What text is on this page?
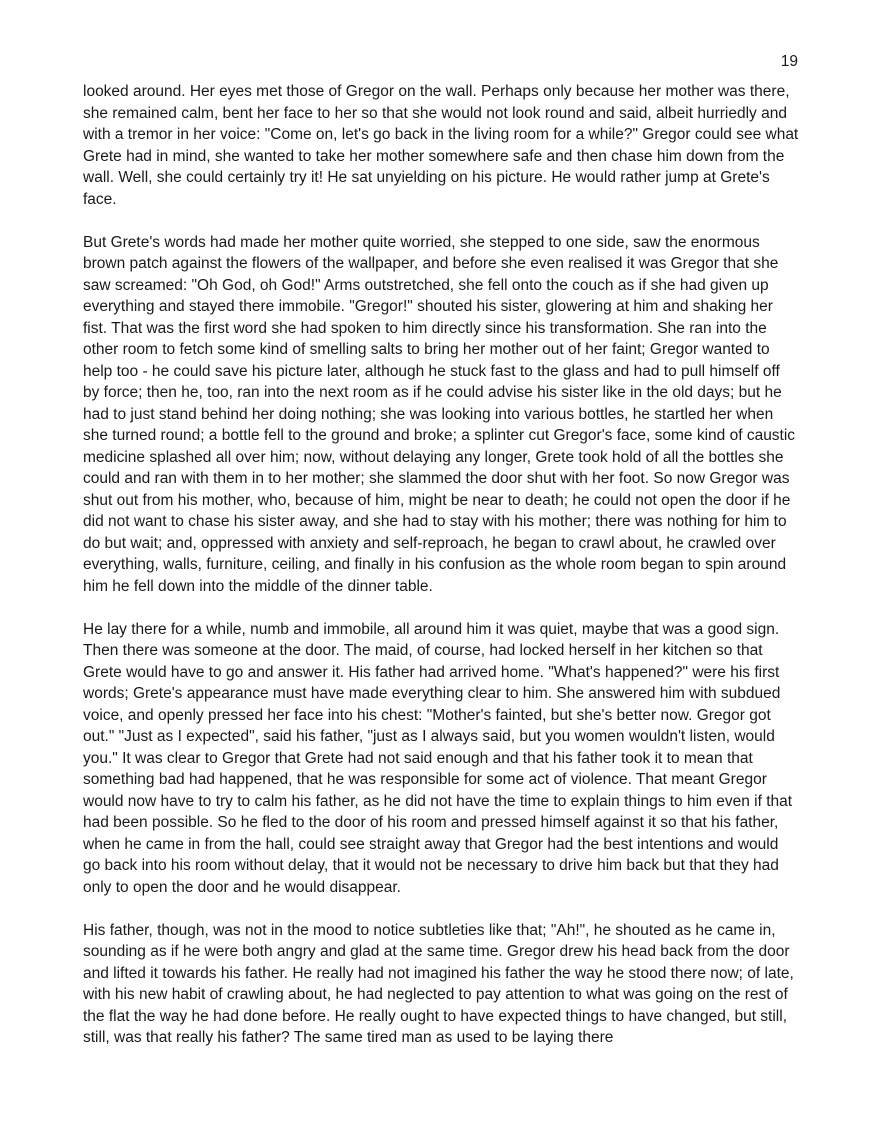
19

looked around. Her eyes met those of Gregor on the wall. Perhaps only because her mother was there, she remained calm, bent her face to her so that she would not look round and said, albeit hurriedly and with a tremor in her voice: "Come on, let's go back in the living room for a while?" Gregor could see what Grete had in mind, she wanted to take her mother somewhere safe and then chase him down from the wall. Well, she could certainly try it! He sat unyielding on his picture. He would rather jump at Grete's face.

But Grete's words had made her mother quite worried, she stepped to one side, saw the enormous brown patch against the flowers of the wallpaper, and before she even realised it was Gregor that she saw screamed: "Oh God, oh God!" Arms outstretched, she fell onto the couch as if she had given up everything and stayed there immobile. "Gregor!" shouted his sister, glowering at him and shaking her fist. That was the first word she had spoken to him directly since his transformation. She ran into the other room to fetch some kind of smelling salts to bring her mother out of her faint; Gregor wanted to help too - he could save his picture later, although he stuck fast to the glass and had to pull himself off by force; then he, too, ran into the next room as if he could advise his sister like in the old days; but he had to just stand behind her doing nothing; she was looking into various bottles, he startled her when she turned round; a bottle fell to the ground and broke; a splinter cut Gregor's face, some kind of caustic medicine splashed all over him; now, without delaying any longer, Grete took hold of all the bottles she could and ran with them in to her mother; she slammed the door shut with her foot. So now Gregor was shut out from his mother, who, because of him, might be near to death; he could not open the door if he did not want to chase his sister away, and she had to stay with his mother; there was nothing for him to do but wait; and, oppressed with anxiety and self-reproach, he began to crawl about, he crawled over everything, walls, furniture, ceiling, and finally in his confusion as the whole room began to spin around him he fell down into the middle of the dinner table.

He lay there for a while, numb and immobile, all around him it was quiet, maybe that was a good sign. Then there was someone at the door. The maid, of course, had locked herself in her kitchen so that Grete would have to go and answer it. His father had arrived home. "What's happened?" were his first words; Grete's appearance must have made everything clear to him. She answered him with subdued voice, and openly pressed her face into his chest: "Mother's fainted, but she's better now. Gregor got out." "Just as I expected", said his father, "just as I always said, but you women wouldn't listen, would you." It was clear to Gregor that Grete had not said enough and that his father took it to mean that something bad had happened, that he was responsible for some act of violence. That meant Gregor would now have to try to calm his father, as he did not have the time to explain things to him even if that had been possible. So he fled to the door of his room and pressed himself against it so that his father, when he came in from the hall, could see straight away that Gregor had the best intentions and would go back into his room without delay, that it would not be necessary to drive him back but that they had only to open the door and he would disappear.

His father, though, was not in the mood to notice subtleties like that; "Ah!", he shouted as he came in, sounding as if he were both angry and glad at the same time. Gregor drew his head back from the door and lifted it towards his father. He really had not imagined his father the way he stood there now; of late, with his new habit of crawling about, he had neglected to pay attention to what was going on the rest of the flat the way he had done before. He really ought to have expected things to have changed, but still, still, was that really his father? The same tired man as used to be laying there
